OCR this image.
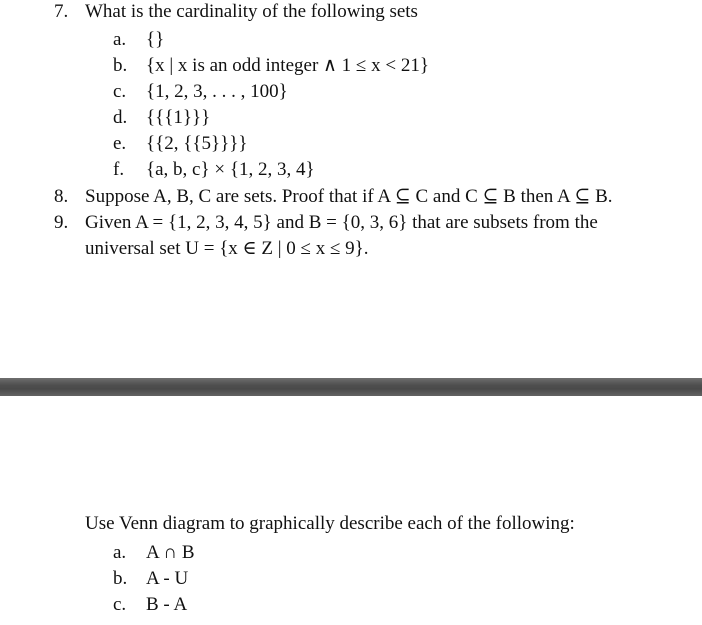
7. What is the cardinality of the following sets
a. {}
b. {x | x is an odd integer ∧ 1 ≤ x < 21}
c. {1, 2, 3, . . . , 100}
d. {{{1}}}
e. {{2, {{5}}}}
f. {a, b, c} × {1, 2, 3, 4}
8. Suppose A, B, C are sets. Proof that if A ⊆ C and C ⊆ B then A ⊆ B.
9. Given A = {1, 2, 3, 4, 5} and B = {0, 3, 6} that are subsets from the
universal set U = {x ∈ Z | 0 ≤ x ≤ 9}.
Use Venn diagram to graphically describe each of the following:
a. A ∩ B
b. A - U
c. B - A
